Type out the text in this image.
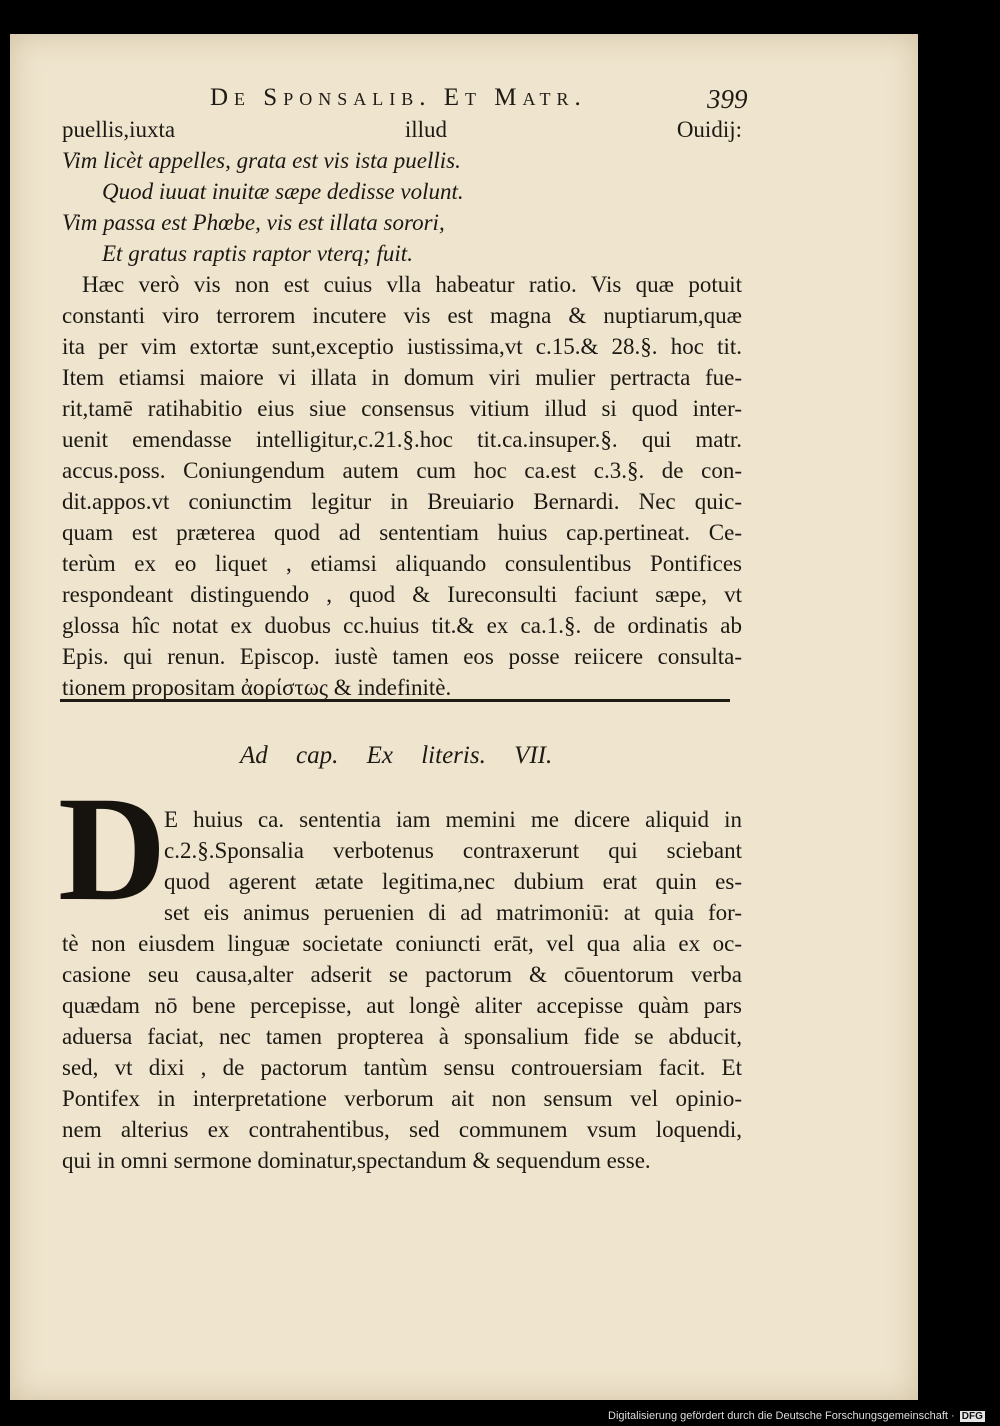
De Sponsalib. Et Matr.	399
puellis,iuxta illud Ouidij:
Vim licèt appelles, grata est vis ista puellis.
Quod iuuat inuitæ sæpe dedisse volunt.
Vim passa est Phœbe, vis est illata sorori,
Et gratus raptis raptor vterq; fuit.
Hæc verò vis non est cuius vlla habeatur ratio. Vis quæ potuit
constanti viro terrorem incutere vis est magna & nuptiarum,quæ
ita per vim extortæ sunt,exceptio iustissima,vt c.15.& 28.§. hoc tit.
Item etiamsi maiore vi illata in domum viri mulier pertracta fue-
rit,tamē ratihabitio eius siue consensus vitium illud si quod inter-
uenit emendasse intelligitur,c.21.§.hoc tit.ca.insuper.§. qui matr.
accus.poss. Coniungendum autem cum hoc ca.est c.3.§. de con-
dit.appos.vt coniunctim legitur in Breuiario Bernardi. Nec quic-
quam est præterea quod ad sententiam huius cap.pertineat. Ce-
terùm ex eo liquet , etiamsi aliquando consulentibus Pontifices
respondeant distinguendo , quod & Iureconsulti faciunt sæpe, vt
glossa hîc notat ex duobus cc.huius tit.& ex ca.1.§. de ordinatis ab
Epis. qui renun. Episcop. iustè tamen eos posse reiicere consulta-
tionem propositam ἀορίστως & indefinitè.
Ad cap. Ex literis. VII.
D
E huius ca. sententia iam memini me dicere aliquid in
c.2.§.Sponsalia verbotenus contraxerunt qui sciebant
quod agerent ætate legitima,nec dubium erat quin es-
set eis animus peruenien di ad matrimoniū: at quia for-
tè non eiusdem linguæ societate coniuncti erāt, vel qua alia ex oc-
casione seu causa,alter adserit se pactorum & cōuentorum verba
quædam nō bene percepisse, aut longè aliter accepisse quàm pars
aduersa faciat, nec tamen propterea à sponsalium fide se abducit,
sed, vt dixi , de pactorum tantùm sensu controuersiam facit. Et
Pontifex in interpretatione verborum ait non sensum vel opinio-
nem alterius ex contrahentibus, sed communem vsum loquendi,
qui in omni sermone dominatur,spectandum & sequendum esse.
Digitalisierung gefördert durch die Deutsche Forschungsgemeinschaft · DFG
